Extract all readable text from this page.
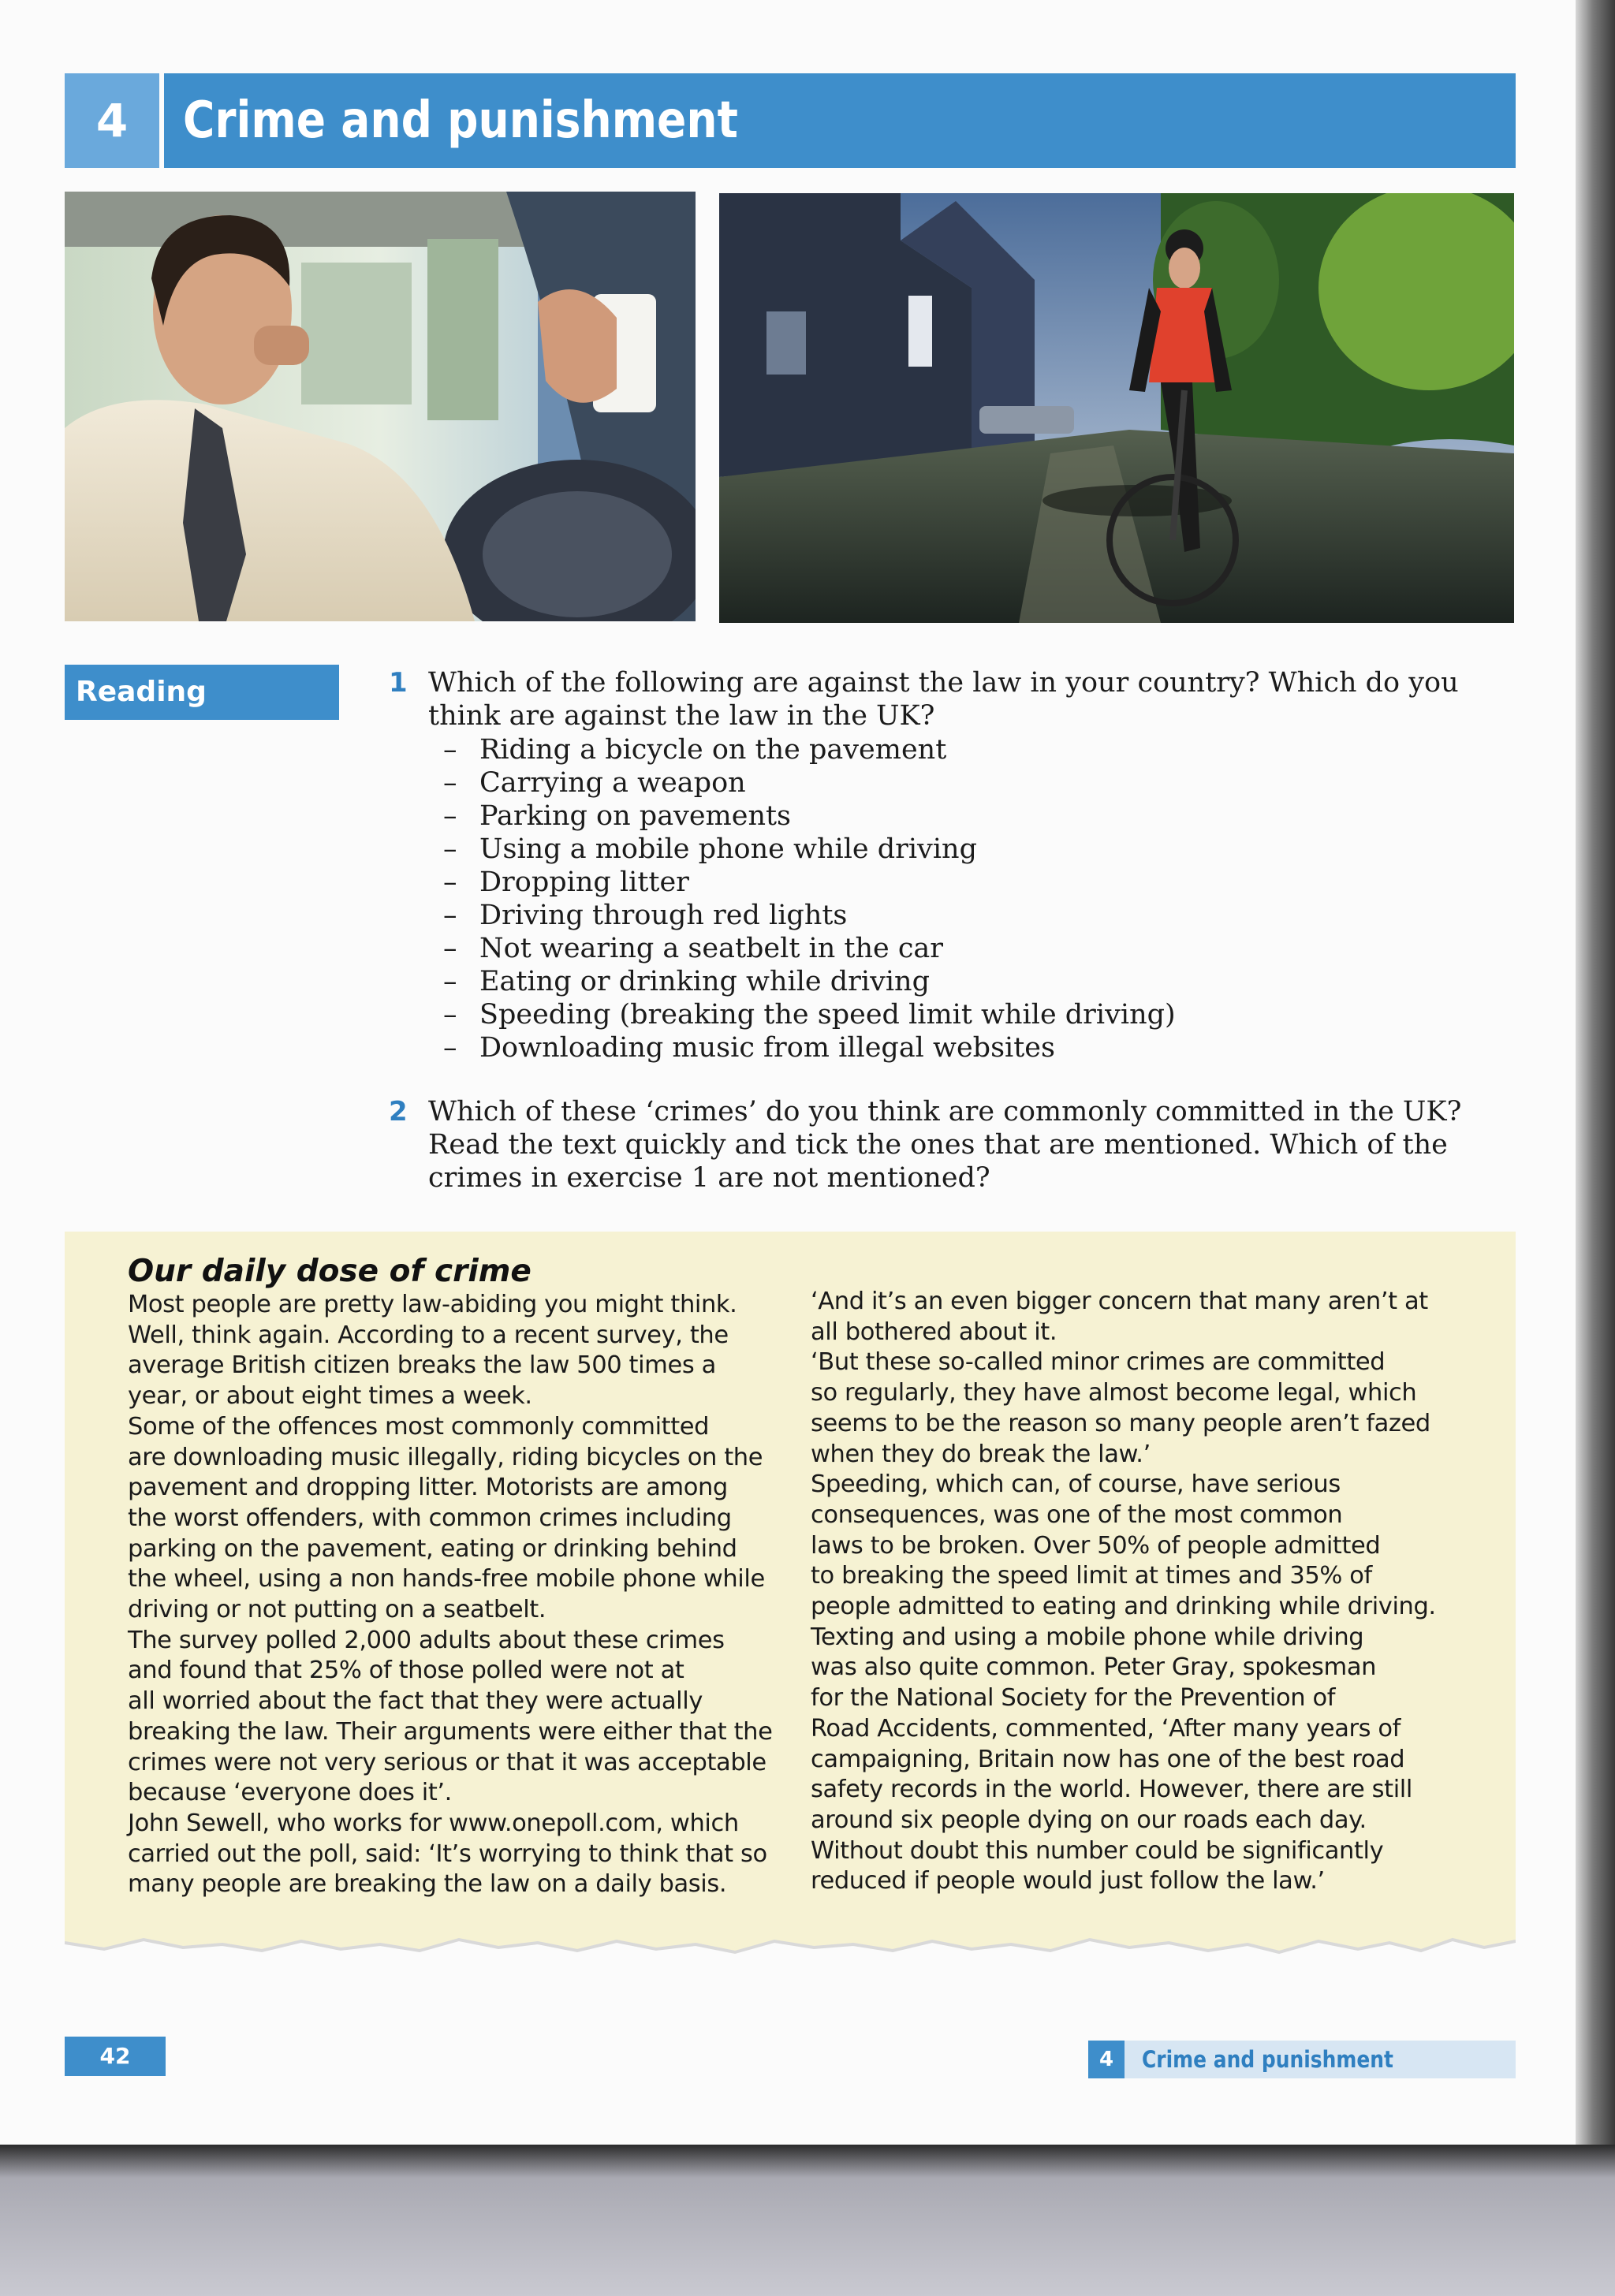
4	Crime and punishment
Reading	1 Which of the following are against the law in your country? Which do you think are against the law in the UK?
– Riding a bicycle on the pavement
– Carrying a weapon
– Parking on pavements
– Using a mobile phone while driving
– Dropping litter
– Driving through red lights
– Not wearing a seatbelt in the car
– Eating or drinking while driving
– Speeding (breaking the speed limit while driving)
– Downloading music from illegal websites
2 Which of these ‘crimes’ do you think are commonly committed in the UK? Read the text quickly and tick the ones that are mentioned. Which of the crimes in exercise 1 are not mentioned?
Our daily dose of crime

Most people are pretty law-abiding you might think.

Well, think again. According to a recent survey, the

average British citizen breaks the law 500 times a

year, or about eight times a week.

Some of the offences most commonly committed

are downloading music illegally, riding bicycles on the

pavement and dropping litter. Motorists are among

the worst offenders, with common crimes including

parking on the pavement, eating or drinking behind

the wheel, using a non hands-free mobile phone while

driving or not putting on a seatbelt.

The survey polled 2,000 adults about these crimes

and found that 25% of those polled were not at

all worried about the fact that they were actually

breaking the law. Their arguments were either that the

crimes were not very serious or that it was acceptable

because ‘everyone does it’.

John Sewell, who works for www.onepoll.com, which

carried out the poll, said: ‘It’s worrying to think that so

many people are breaking the law on a daily basis.

‘And it’s an even bigger concern that many aren’t at

all bothered about it.

‘But these so-called minor crimes are committed

so regularly, they have almost become legal, which

seems to be the reason so many people aren’t fazed

when they do break the law.’

Speeding, which can, of course, have serious

consequences, was one of the most common

laws to be broken. Over 50% of people admitted

to breaking the speed limit at times and 35% of

people admitted to eating and drinking while driving.

Texting and using a mobile phone while driving

was also quite common. Peter Gray, spokesman

for the National Society for the Prevention of

Road Accidents, commented, ‘After many years of

campaigning, Britain now has one of the best road

safety records in the world. However, there are still

around six people dying on our roads each day.

Without doubt this number could be significantly

reduced if people would just follow the law.’

42	4	Crime and punishment
